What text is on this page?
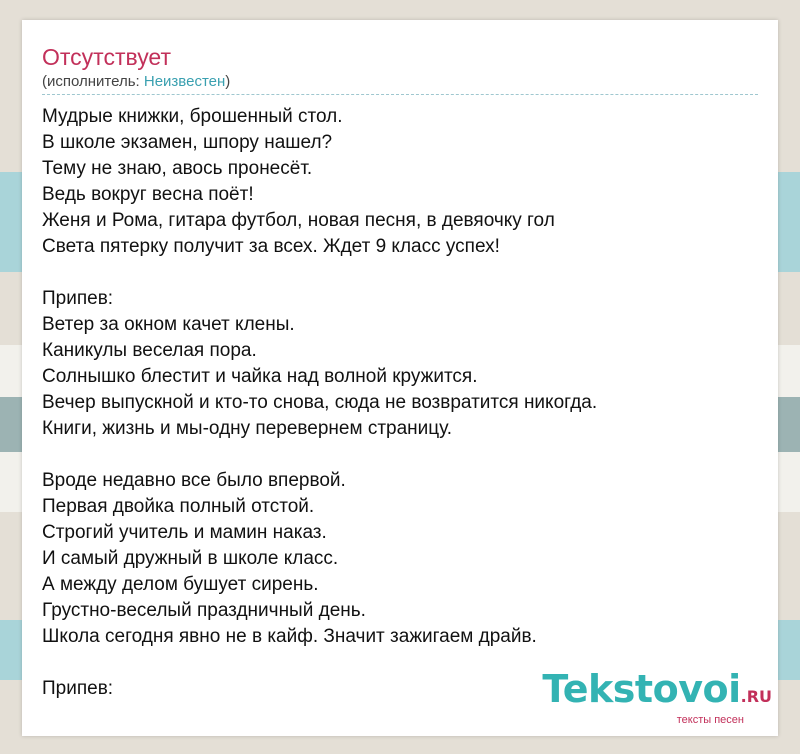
Отсутствует
(исполнитель: Неизвестен)
Мудрые книжки, брошенный стол.
В школе экзамен, шпору нашел?
Тему не знаю, авось пронесёт.
Ведь вокруг весна поёт!
Женя и Рома, гитара футбол, новая песня, в девяочку гол
Света пятерку получит за всех. Ждет 9 класс успех!
Припев:
Ветер за окном качет клены.
Каникулы веселая пора.
Солнышко блестит и чайка над волной кружится.
Вечер выпускной и кто-то снова, сюда не возвратится никогда.
Книги, жизнь и мы-одну перевернем страницу.
Вроде недавно все было впервой.
Первая двойка полный отстой.
Строгий учитель и мамин наказ.
И самый дружный в школе класс.
А между делом бушует сирень.
Грустно-веселый праздничный день.
Школа сегодня явно не в кайф. Значит зажигаем драйв.
Припев:	Tekstovoi.RU
тексты песен
